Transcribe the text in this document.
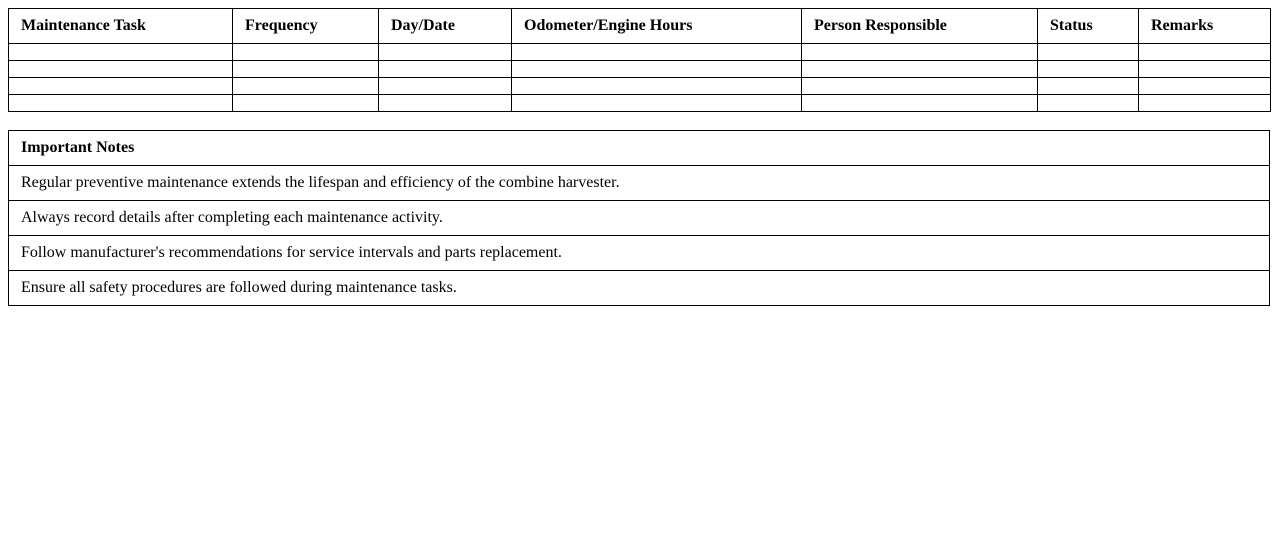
Maintenance Task	Frequency	Day/Date	Odometer/Engine Hours	Person Responsible	Status	Remarks

Important Notes
Regular preventive maintenance extends the lifespan and efficiency of the combine harvester.
Always record details after completing each maintenance activity.
Follow manufacturer's recommendations for service intervals and parts replacement.
Ensure all safety procedures are followed during maintenance tasks.
